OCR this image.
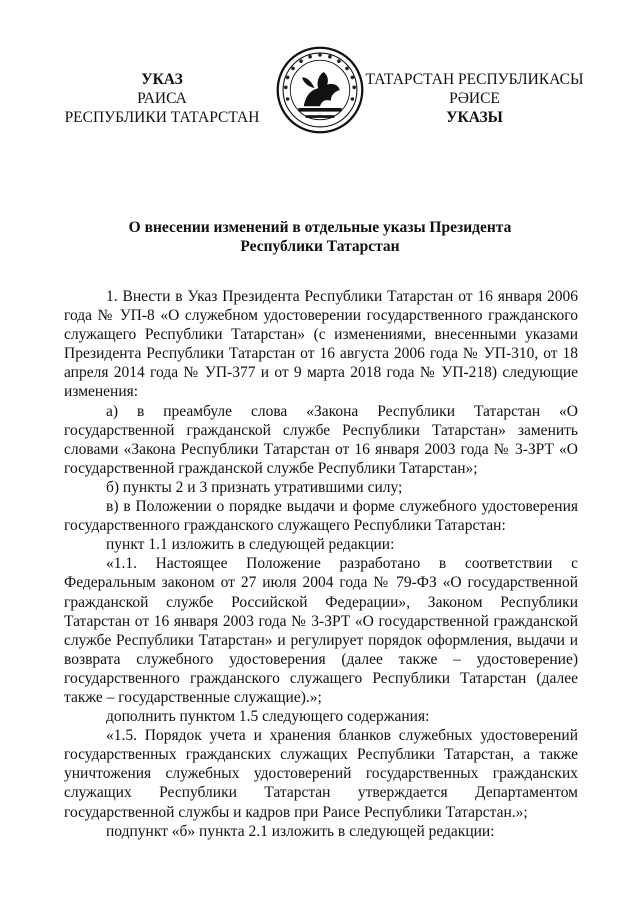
УКАЗ
РАИСА
РЕСПУБЛИКИ ТАТАРСТАН
ТАТАРСТАН РЕСПУБЛИКАСЫ
РӘИСЕ
УКАЗЫ
О внесении изменений в отдельные указы Президента
Республики Татарстан

1. Внести в Указ Президента Республики Татарстан от 16 января 2006 года № УП-8 «О служебном удостоверении государственного гражданского служащего Республики Татарстан» (с изменениями, внесенными указами Президента Республики Татарстан от 16 августа 2006 года № УП-310, от 18 апреля 2014 года № УП-377 и от 9 марта 2018 года № УП-218) следующие изменения:

а) в преамбуле слова «Закона Республики Татарстан «О государственной гражданской службе Республики Татарстан» заменить словами «Закона Республики Татарстан от 16 января 2003 года № 3-ЗРТ «О государственной гражданской службе Республики Татарстан»;

б) пункты 2 и 3 признать утратившими силу;

в) в Положении о порядке выдачи и форме служебного удостоверения государственного гражданского служащего Республики Татарстан:

пункт 1.1 изложить в следующей редакции:

«1.1. Настоящее Положение разработано в соответствии с Федеральным законом от 27 июля 2004 года № 79-ФЗ «О государственной гражданской службе Российской Федерации», Законом Республики Татарстан от 16 января 2003 года № 3-ЗРТ «О государственной гражданской службе Республики Татарстан» и регулирует порядок оформления, выдачи и возврата служебного удостоверения (далее также – удостоверение) государственного гражданского служащего Республики Татарстан (далее также – государственные служащие).»;

дополнить пунктом 1.5 следующего содержания:

«1.5. Порядок учета и хранения бланков служебных удостоверений государственных гражданских служащих Республики Татарстан, а также уничтожения служебных удостоверений государственных гражданских служащих Республики Татарстан утверждается Департаментом государственной службы и кадров при Раисе Республики Татарстан.»;

подпункт «б» пункта 2.1 изложить в следующей редакции:
